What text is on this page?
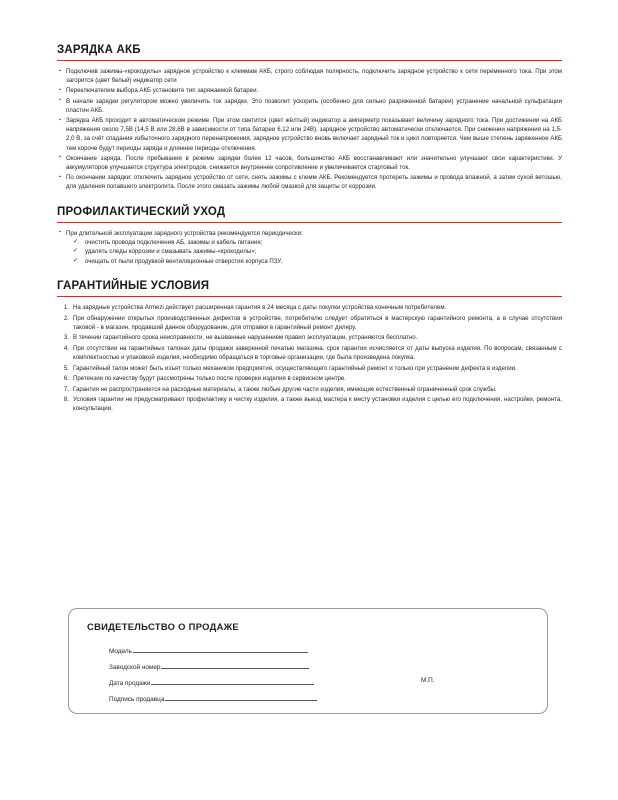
ЗАРЯДКА АКБ
▪ Подключив зажимы-«крокодилы» зарядное устройство к клеммам АКБ, строго соблюдая полярность, подключить зарядное устройство к сети переменного тока. При этом загорится (цвет белый) индикатор сети
▪ Переключателем выбора АКБ установите тип заряжаемой батареи.
▪ В начале зарядки регулятором можно увеличить ток зарядки. Это позволит ускорить (особенно для сильно разряженной батареи) устранение начальной сульфатации пластин АКБ.
▪ Зарядка АКБ проходит в автоматическом режиме. При этом светится (цвет жёлтый) индикатор а амперметр показывает величину зарядного тока. При достижении на АКБ напряжения около 7,5В (14,5 В или 28,6В в зависимости от типа батареи 6,12 или 24В), зарядное устройство автоматически отключается. При снижении напряжения на 1,5-2,0 В, за счёт спадания избыточного зарядного перенапряжения, зарядное устройство вновь включает зарядный ток и цикл повторяется. Чем выше степень заряженное АКБ тем короче будут периоды заряда и длиннее периоды отключения.
▪ Окончание заряда. После пребывания в режиме зарядки более 12 часов, большинство АКБ восстанавливают или значительно улучшают свои характеристики. У аккумуляторов улучшается структура электродов, снижается внутреннее сопротивление и увеличивается стартовый ток.
▪ По окончании зарядки: отключить зарядное устройство от сети, снять зажимы с клемм АКБ. Рекомендуется протереть зажимы и провода влажной, а затем сухой ветошью, для удаления попавшего электролита. После этого смазать зажимы любой смазкой для защиты от коррозии.
ПРОФИЛАКТИЧЕСКИЙ УХОД
▪ При длительной эксплуатации зарядного устройства рекомендуется периодически:
✓ очистить провода подключения АБ, зажимы и кабель питания;
✓ удалять следы коррозии и смазывать зажимы-«крокодилы»;
✓ очищать от пыли продувкой вентиляционные отверстия корпуса ПЗУ.
ГАРАНТИЙНЫЕ УСЛОВИЯ
На зарядные устройства Armezi действует расширенная гарантия в 24 месяца с даты покупки устройства конечным потребителем.
При обнаружении открытых производственных дефектов в устройстве, потребителю следует обратиться в мастерскую гарантийного ремонта, а в случае отсутствия таковой - в магазин, продавший данное оборудование, для отправки в гарантийный ремонт дилеру.
В течении гарантийного срока неисправности, не вызванные нарушением правил эксплуатации, устраняются бесплатно.
При отсутствии на гарантийных талонах даты продажи заверенной печатью магазина, срок гарантии исчисляется от даты выпуска изделия. По вопросам, связанным с комплектностью и упаковкой изделия, необходимо обращаться в торговые организации, где была произведена покупка.
Гарантийный талон может быть изъят только механиком предприятия, осуществляющего гарантийный ремонт и только при устранении дефекта в изделии.
Претензии по качеству будут рассмотрены только после проверки изделия в сервисном центре.
Гарантия не распространяется на расходные материалы, а также любые другие части изделия, имеющие естественный ограниченный срок службы.
Условия гарантии не предусматривают профилактику и чистку изделия, а также выезд мастера к месту установки изделия с целью его подключения, настройки, ремонта, консультации.
СВИДЕТЕЛЬСТВО О ПРОДАЖЕ
Модель
Заводской номер
Дата продажи
Подпись продавца
М.П.
